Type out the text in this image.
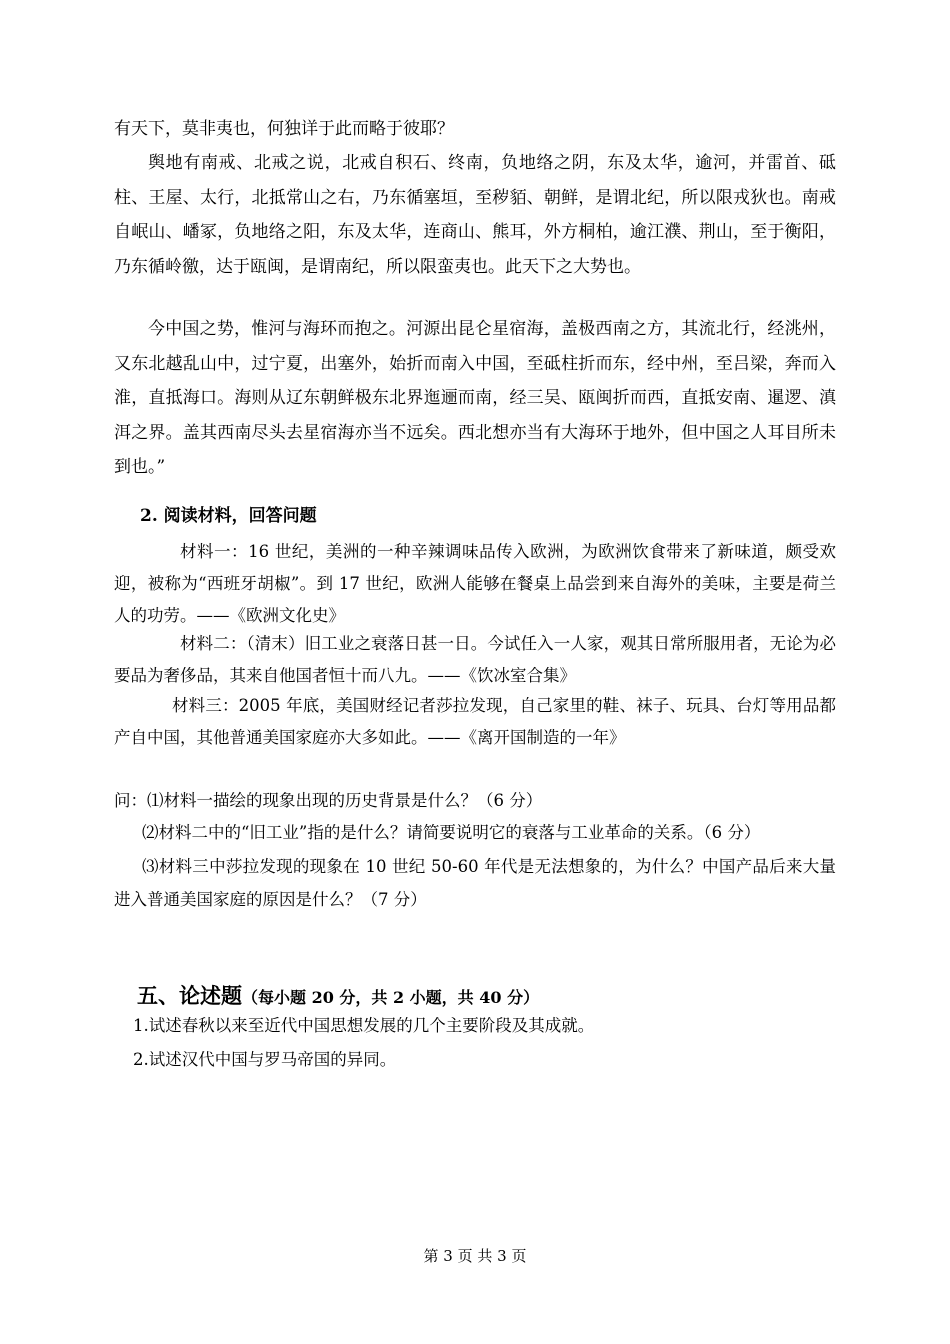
有天下，莫非夷也，何独详于此而略于彼耶？

舆地有南戒、北戒之说，北戒自积石、终南，负地络之阴，东及太华，逾河，并雷首、砥柱、王屋、太行，北抵常山之右，乃东循塞垣，至秽貊、朝鲜，是谓北纪，所以限戎狄也。南戒自岷山、嶓冢，负地络之阳，东及太华，连商山、熊耳，外方桐柏，逾江濮、荆山，至于衡阳，乃东循岭徼，达于瓯闽，是谓南纪，所以限蛮夷也。此天下之大势也。

今中国之势，惟河与海环而抱之。河源出昆仑星宿海，盖极西南之方，其流北行，经洮州，又东北越乱山中，过宁夏，出塞外，始折而南入中国，至砥柱折而东，经中州，至吕梁，奔而入淮，直抵海口。海则从辽东朝鲜极东北界迤逦而南，经三吴、瓯闽折而西，直抵安南、暹逻、滇洱之界。盖其西南尽头去星宿海亦当不远矣。西北想亦当有大海环于地外，但中国之人耳目所未到也。”

2. 阅读材料，回答问题

材料一：16 世纪，美洲的一种辛辣调味品传入欧洲，为欧洲饮食带来了新味道，颇受欢迎，被称为“西班牙胡椒”。到 17 世纪，欧洲人能够在餐桌上品尝到来自海外的美味，主要是荷兰人的功劳。——《欧洲文化史》

材料二：（清末）旧工业之衰落日甚一日。今试任入一人家，观其日常所服用者，无论为必要品为奢侈品，其来自他国者恒十而八九。——《饮冰室合集》

材料三：2005 年底，美国财经记者莎拉发现，自己家里的鞋、袜子、玩具、台灯等用品都产自中国，其他普通美国家庭亦大多如此。——《离开国制造的一年》

问：⑴材料一描绘的现象出现的历史背景是什么？（6 分）

⑵材料二中的“旧工业”指的是什么？请简要说明它的衰落与工业革命的关系。（6 分）

⑶材料三中莎拉发现的现象在 10 世纪 50-60 年代是无法想象的，为什么？中国产品后来大量进入普通美国家庭的原因是什么？（7 分）

五、论述题（每小题 20 分，共 2 小题，共 40 分）

1.试述春秋以来至近代中国思想发展的几个主要阶段及其成就。

2.试述汉代中国与罗马帝国的异同。

第 3 页 共 3 页
